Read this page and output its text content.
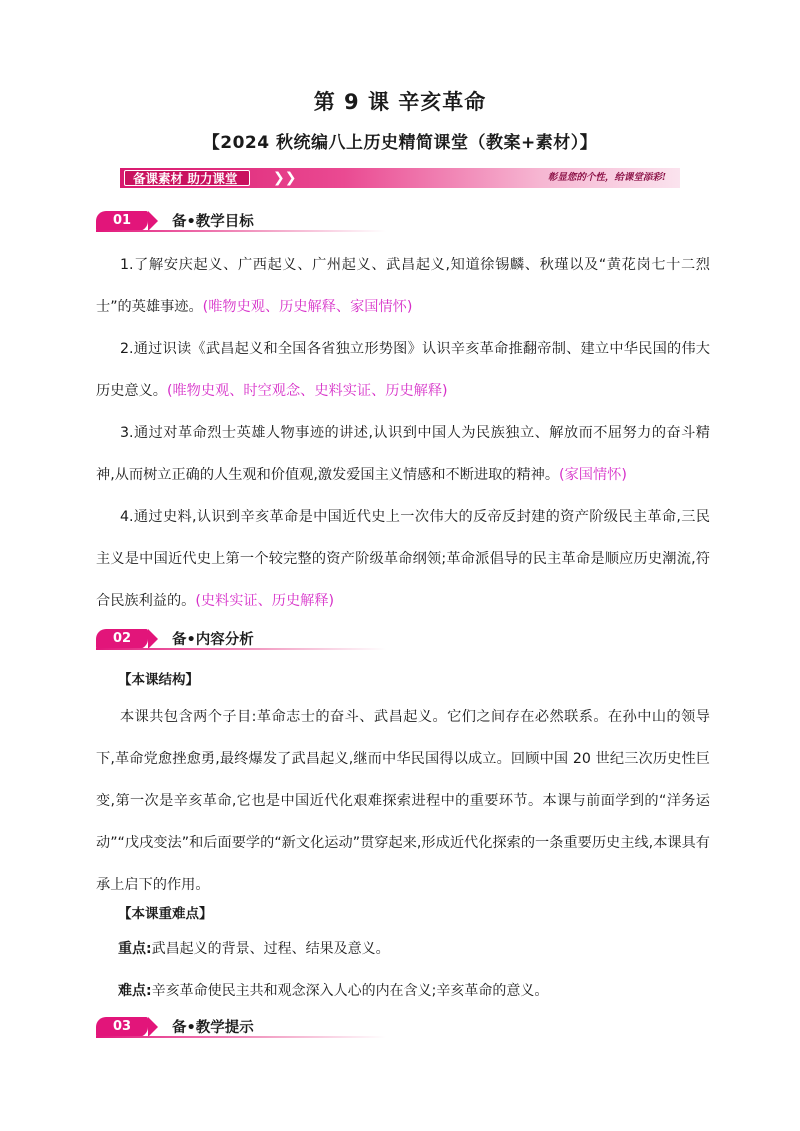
第 9 课 辛亥革命
【2024 秋统编八上历史精简课堂（教案+素材）】
备课素材 助力课堂	❯❯	彰显您的个性，给课堂添彩!
01	备•教学目标
1.了解安庆起义、广西起义、广州起义、武昌起义,知道徐锡麟、秋瑾以及“黄花岗七十二烈士”的英雄事迹。(唯物史观、历史解释、家国情怀)
2.通过识读《武昌起义和全国各省独立形势图》认识辛亥革命推翻帝制、建立中华民国的伟大历史意义。(唯物史观、时空观念、史料实证、历史解释)
3.通过对革命烈士英雄人物事迹的讲述,认识到中国人为民族独立、解放而不屈努力的奋斗精神,从而树立正确的人生观和价值观,激发爱国主义情感和不断进取的精神。(家国情怀)
4.通过史料,认识到辛亥革命是中国近代史上一次伟大的反帝反封建的资产阶级民主革命,三民主义是中国近代史上第一个较完整的资产阶级革命纲领;革命派倡导的民主革命是顺应历史潮流,符合民族利益的。(史料实证、历史解释)
02	备•内容分析
【本课结构】
本课共包含两个子目:革命志士的奋斗、武昌起义。它们之间存在必然联系。在孙中山的领导下,革命党愈挫愈勇,最终爆发了武昌起义,继而中华民国得以成立。回顾中国 20 世纪三次历史性巨变,第一次是辛亥革命,它也是中国近代化艰难探索进程中的重要环节。本课与前面学到的“洋务运动”“戊戌变法”和后面要学的“新文化运动”贯穿起来,形成近代化探索的一条重要历史主线,本课具有承上启下的作用。
【本课重难点】
重点:武昌起义的背景、过程、结果及意义。
难点:辛亥革命使民主共和观念深入人心的内在含义;辛亥革命的意义。
03	备•教学提示
